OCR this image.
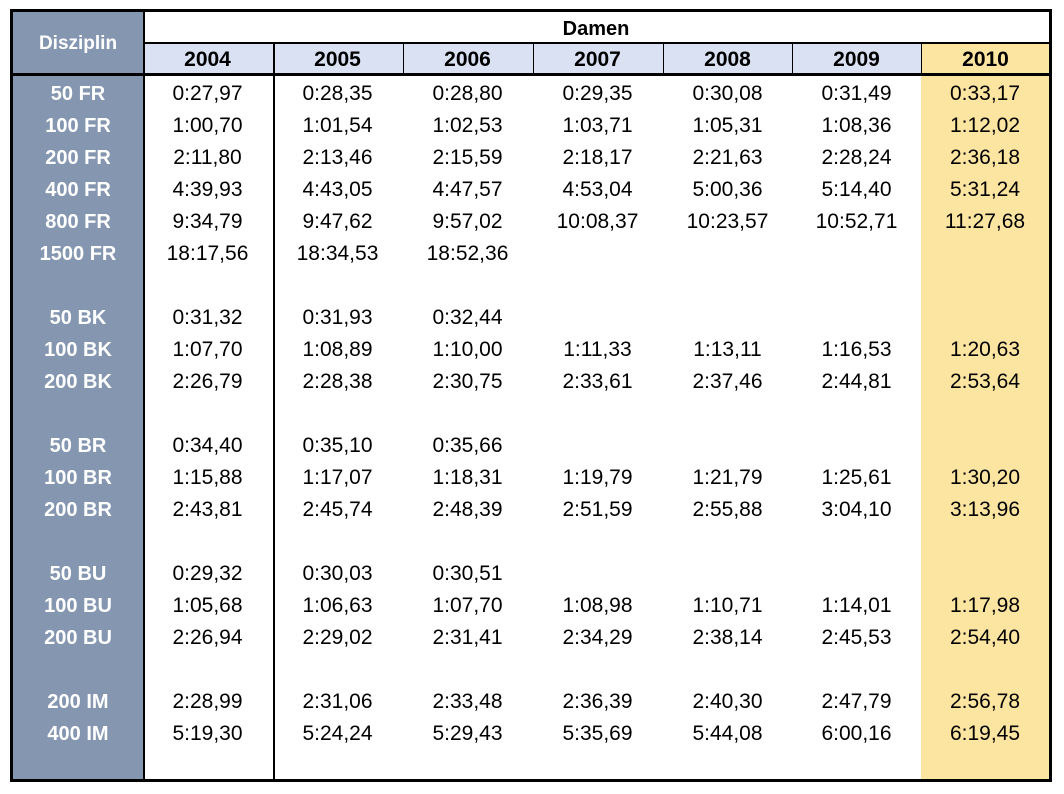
Disziplin
Damen
2004	2005	2006	2007	2008	2009	2010
50 FR	0:27,97	0:28,35	0:28,80	0:29,35	0:30,08	0:31,49	0:33,17
100 FR	1:00,70	1:01,54	1:02,53	1:03,71	1:05,31	1:08,36	1:12,02
200 FR	2:11,80	2:13,46	2:15,59	2:18,17	2:21,63	2:28,24	2:36,18
400 FR	4:39,93	4:43,05	4:47,57	4:53,04	5:00,36	5:14,40	5:31,24
800 FR	9:34,79	9:47,62	9:57,02	10:08,37	10:23,57	10:52,71	11:27,68
1500 FR	18:17,56	18:34,53	18:52,36
50 BK	0:31,32	0:31,93	0:32,44
100 BK	1:07,70	1:08,89	1:10,00	1:11,33	1:13,11	1:16,53	1:20,63
200 BK	2:26,79	2:28,38	2:30,75	2:33,61	2:37,46	2:44,81	2:53,64
50 BR	0:34,40	0:35,10	0:35,66
100 BR	1:15,88	1:17,07	1:18,31	1:19,79	1:21,79	1:25,61	1:30,20
200 BR	2:43,81	2:45,74	2:48,39	2:51,59	2:55,88	3:04,10	3:13,96
50 BU	0:29,32	0:30,03	0:30,51
100 BU	1:05,68	1:06,63	1:07,70	1:08,98	1:10,71	1:14,01	1:17,98
200 BU	2:26,94	2:29,02	2:31,41	2:34,29	2:38,14	2:45,53	2:54,40
200 IM	2:28,99	2:31,06	2:33,48	2:36,39	2:40,30	2:47,79	2:56,78
400 IM	5:19,30	5:24,24	5:29,43	5:35,69	5:44,08	6:00,16	6:19,45
